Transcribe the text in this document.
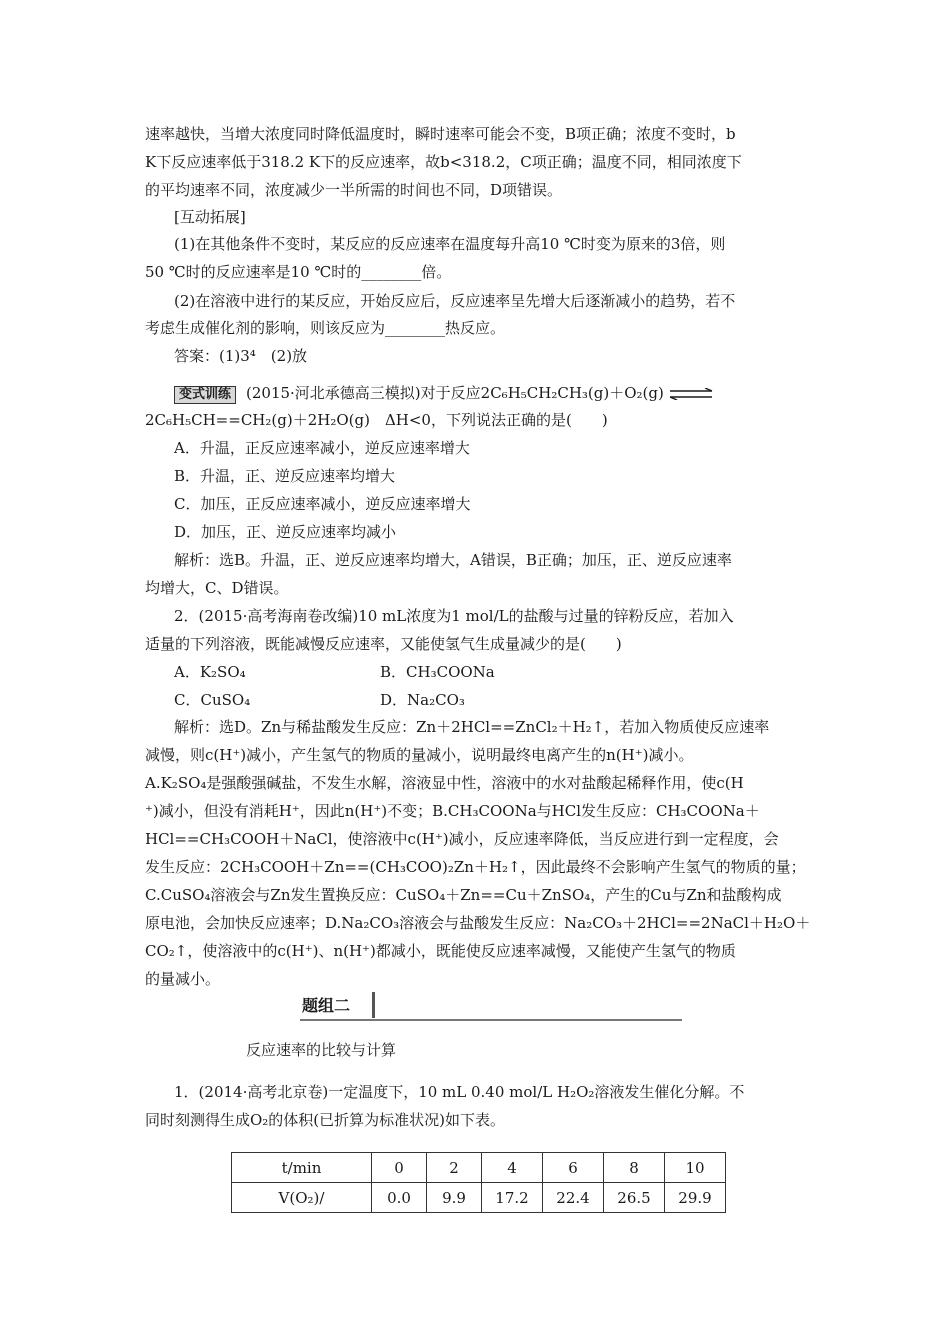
速率越快，当增大浓度同时降低温度时，瞬时速率可能会不变，B项正确；浓度不变时，b
K下反应速率低于318.2 K下的反应速率，故b<318.2，C项正确；温度不同，相同浓度下
的平均速率不同，浓度减少一半所需的时间也不同，D项错误。
[互动拓展]
(1)在其他条件不变时，某反应的反应速率在温度每升高10 ℃时变为原来的3倍，则
50 ℃时的反应速率是10 ℃时的________倍。
(2)在溶液中进行的某反应，开始反应后，反应速率呈先增大后逐渐减小的趋势，若不
考虑生成催化剂的影响，则该反应为________热反应。
答案：(1)3⁴　(2)放
变式训练 (2015·河北承德高三模拟)对于反应2C₆H₅CH₂CH₃(g)＋O₂(g) ⇌
2C₆H₅CH==CH₂(g)＋2H₂O(g)　ΔH<0，下列说法正确的是(　　)
A．升温，正反应速率减小，逆反应速率增大
B．升温，正、逆反应速率均增大
C．加压，正反应速率减小，逆反应速率增大
D．加压，正、逆反应速率均减小
解析：选B。升温，正、逆反应速率均增大，A错误，B正确；加压，正、逆反应速率
均增大，C、D错误。
2．(2015·高考海南卷改编)10 mL浓度为1 mol/L的盐酸与过量的锌粉反应，若加入
适量的下列溶液，既能减慢反应速率，又能使氢气生成量减少的是(　　)
A．K₂SO₄	B．CH₃COONa
C．CuSO₄	D．Na₂CO₃
解析：选D。Zn与稀盐酸发生反应：Zn＋2HCl==ZnCl₂＋H₂↑，若加入物质使反应速率
减慢，则c(H⁺)减小，产生氢气的物质的量减小，说明最终电离产生的n(H⁺)减小。
A.K₂SO₄是强酸强碱盐，不发生水解，溶液显中性，溶液中的水对盐酸起稀释作用，使c(H
⁺)减小，但没有消耗H⁺，因此n(H⁺)不变；B.CH₃COONa与HCl发生反应：CH₃COONa＋
HCl==CH₃COOH＋NaCl，使溶液中c(H⁺)减小，反应速率降低，当反应进行到一定程度，会
发生反应：2CH₃COOH＋Zn==(CH₃COO)₂Zn＋H₂↑，因此最终不会影响产生氢气的物质的量；
C.CuSO₄溶液会与Zn发生置换反应：CuSO₄＋Zn==Cu＋ZnSO₄，产生的Cu与Zn和盐酸构成
原电池，会加快反应速率；D.Na₂CO₃溶液会与盐酸发生反应：Na₂CO₃＋2HCl==2NaCl＋H₂O＋
CO₂↑，使溶液中的c(H⁺)、n(H⁺)都减小，既能使反应速率减慢，又能使产生氢气的物质
的量减小。
题组二
反应速率的比较与计算
1．(2014·高考北京卷)一定温度下，10 mL 0.40 mol/L H₂O₂溶液发生催化分解。不
同时刻测得生成O₂的体积(已折算为标准状况)如下表。
t/min	0	2	4	6	8	10
V(O₂)/	0.0	9.9	17.2	22.4	26.5	29.9
